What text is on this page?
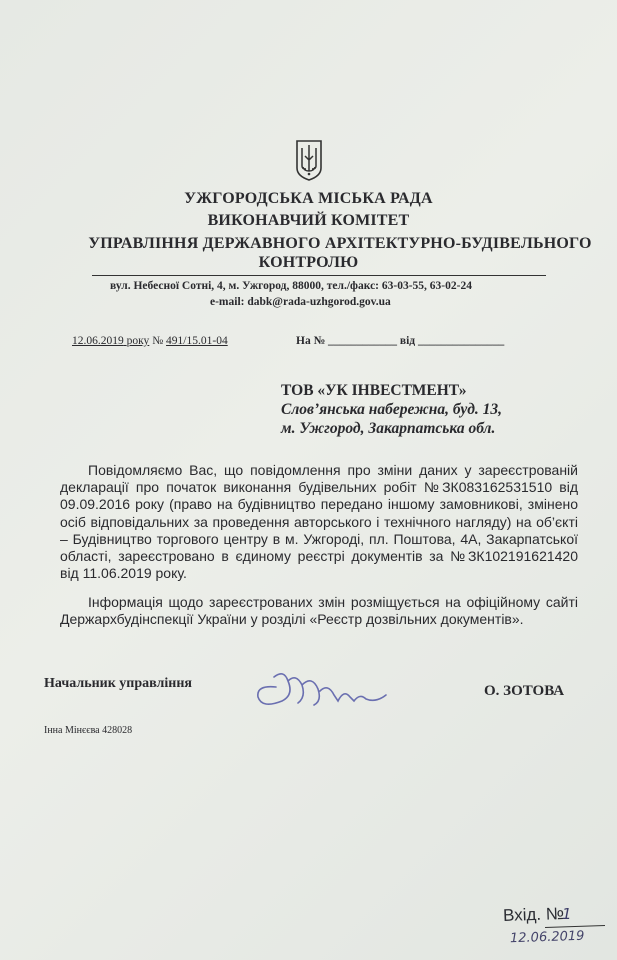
УЖГОРОДСЬКА МІСЬКА РАДА
ВИКОНАВЧИЙ КОМІТЕТ
УПРАВЛІННЯ ДЕРЖАВНОГО АРХІТЕКТУРНО-БУДІВЕЛЬНОГО
КОНТРОЛЮ
вул. Небесної Сотні, 4, м. Ужгород, 88000, тел./факс: 63-03-55, 63-02-24
e-mail: dabk@rada-uzhgorod.gov.ua
12.06.2019 року № 491/15.01-04	На № ____________ від _______________
ТОВ «УК ІНВЕСТМЕНТ»
Слов’янська набережна, буд. 13,
м. Ужгород, Закарпатська обл.

Повідомляємо Вас, що повідомлення про зміни даних у зареєстрованій декларації про початок виконання будівельних робіт №ЗК083162531510 від 09.09.2016 року (право на будівництво передано іншому замовникові, змінено осіб відповідальних за проведення авторського і технічного нагляду) на об’єкті – Будівництво торгового центру в м. Ужгороді, пл. Поштова, 4А, Закарпатської області, зареєстровано в єдиному реєстрі документів за №ЗК102191621420 від 11.06.2019 року.

Інформація щодо зареєстрованих змін розміщується на офіційному сайті Держархбудінспекції України у розділі «Реєстр дозвільних документів».

Начальник управління	О. ЗОТОВА
Інна Мінєєва 428028
Вхід. №
1
12.06.2019
